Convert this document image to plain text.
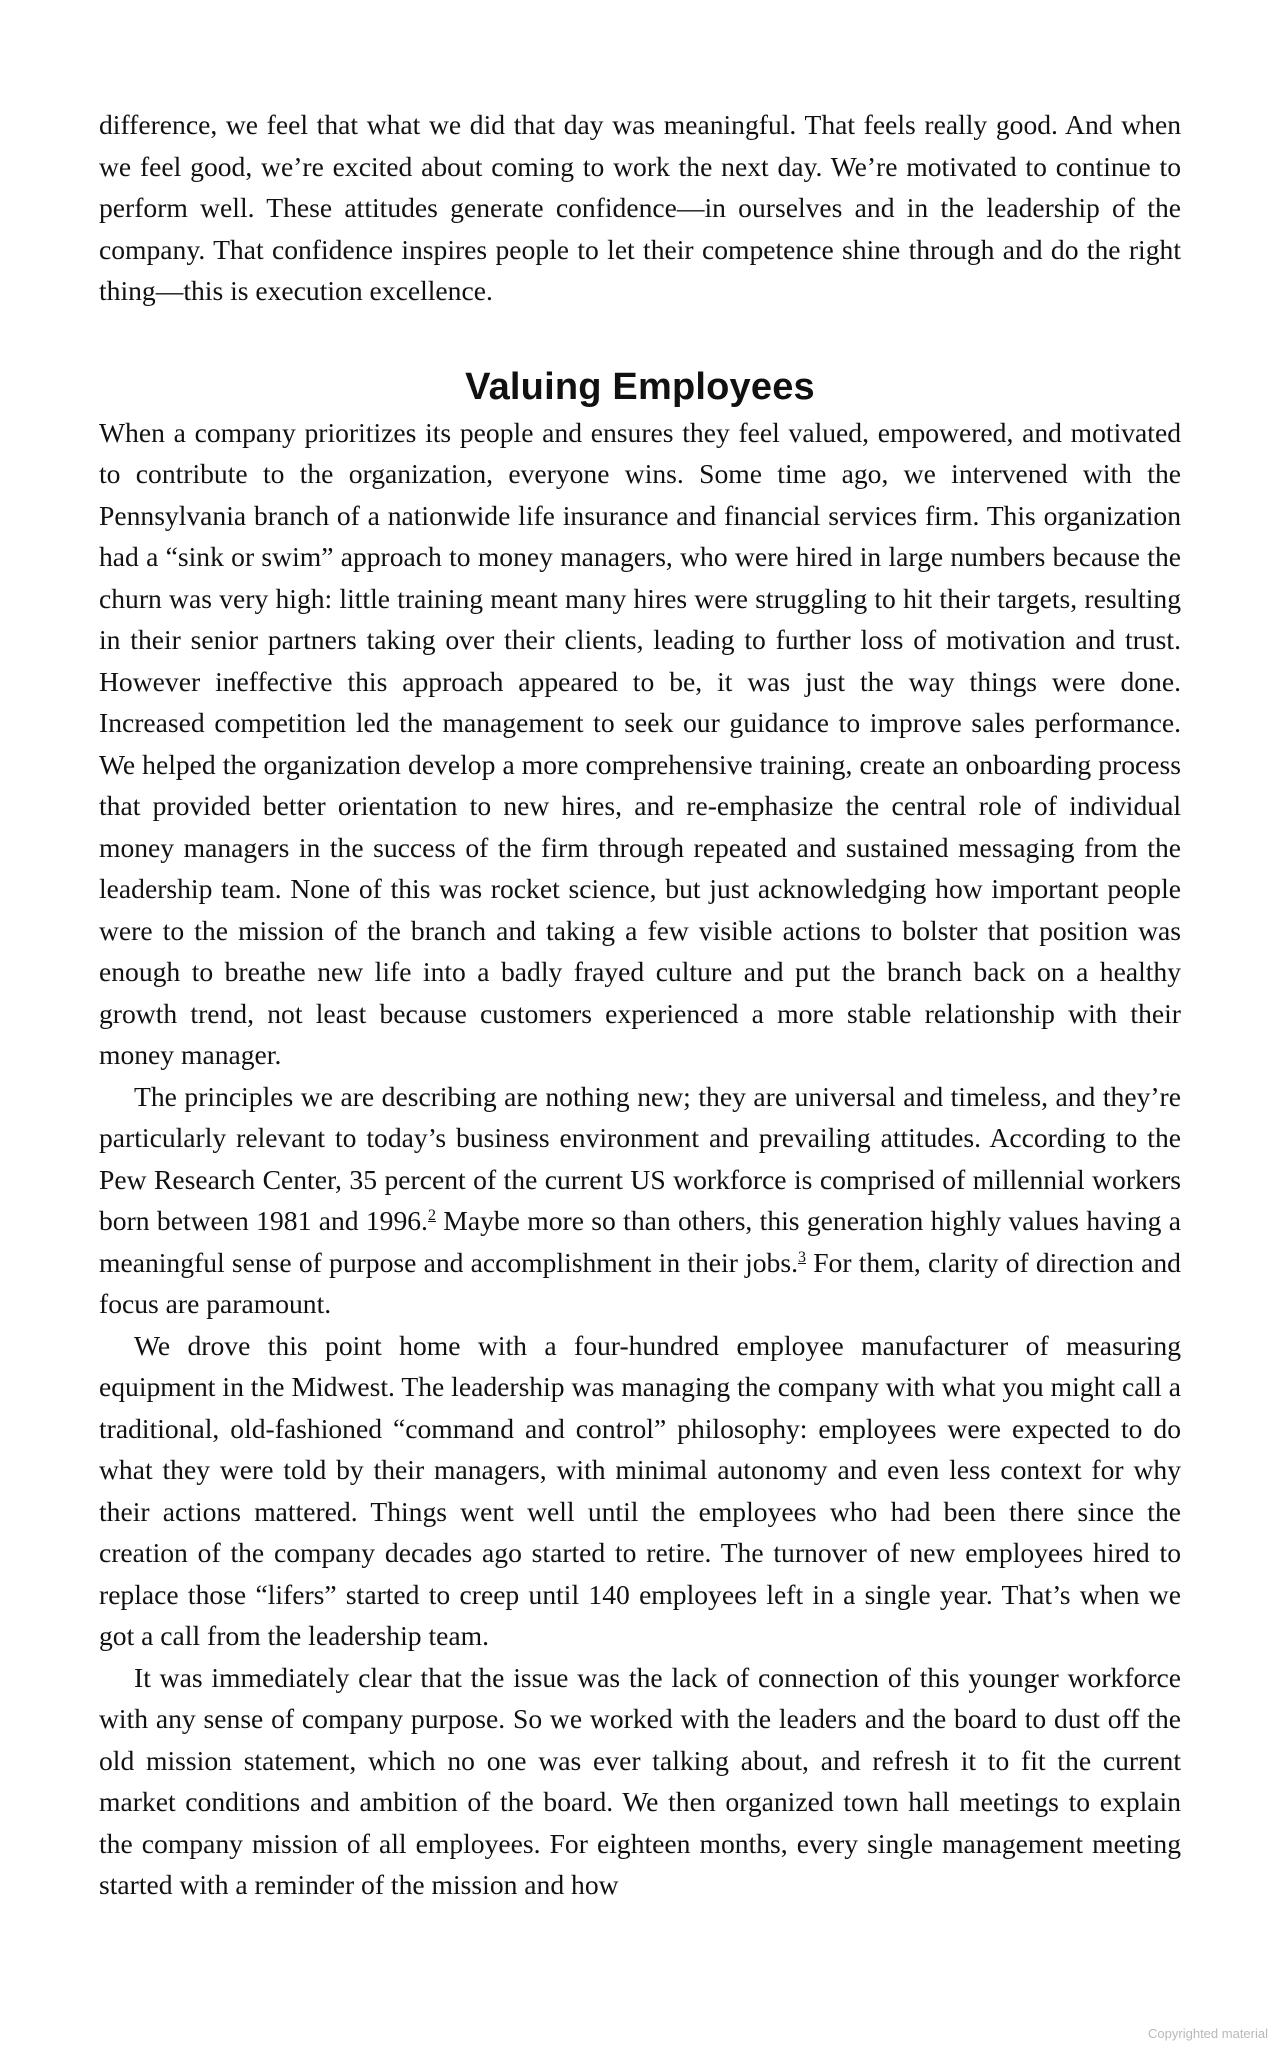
difference, we feel that what we did that day was meaningful. That feels really good. And when we feel good, we’re excited about coming to work the next day. We’re motivated to continue to perform well. These attitudes generate confidence—in ourselves and in the leadership of the company. That confidence inspires people to let their competence shine through and do the right thing—this is execution excellence.

Valuing Employees

When a company prioritizes its people and ensures they feel valued, empowered, and motivated to contribute to the organization, everyone wins. Some time ago, we intervened with the Pennsylvania branch of a nationwide life insurance and financial services firm. This organization had a “sink or swim” approach to money managers, who were hired in large numbers because the churn was very high: little training meant many hires were struggling to hit their targets, resulting in their senior partners taking over their clients, leading to further loss of motivation and trust. However ineffective this approach appeared to be, it was just the way things were done. Increased competition led the management to seek our guidance to improve sales performance. We helped the organization develop a more comprehensive training, create an onboarding process that provided better orientation to new hires, and re-emphasize the central role of individual money managers in the success of the firm through repeated and sustained messaging from the leadership team. None of this was rocket science, but just acknowledging how important people were to the mission of the branch and taking a few visible actions to bolster that position was enough to breathe new life into a badly frayed culture and put the branch back on a healthy growth trend, not least because customers experienced a more stable relationship with their money manager.

The principles we are describing are nothing new; they are universal and timeless, and they’re particularly relevant to today’s business environment and prevailing attitudes. According to the Pew Research Center, 35 percent of the current US workforce is comprised of millennial workers born between 1981 and 1996.$^2$ Maybe more so than others, this generation highly values having a meaningful sense of purpose and accomplishment in their jobs.$^3$ For them, clarity of direction and focus are paramount.

We drove this point home with a four-hundred employee manufacturer of measuring equipment in the Midwest. The leadership was managing the company with what you might call a traditional, old-fashioned “command and control” philosophy: employees were expected to do what they were told by their managers, with minimal autonomy and even less context for why their actions mattered. Things went well until the employees who had been there since the creation of the company decades ago started to retire. The turnover of new employees hired to replace those “lifers” started to creep until 140 employees left in a single year. That’s when we got a call from the leadership team.

It was immediately clear that the issue was the lack of connection of this younger workforce with any sense of company purpose. So we worked with the leaders and the board to dust off the old mission statement, which no one was ever talking about, and refresh it to fit the current market conditions and ambition of the board. We then organized town hall meetings to explain the company mission of all employees. For eighteen months, every single management meeting started with a reminder of the mission and how

Copyrighted material
